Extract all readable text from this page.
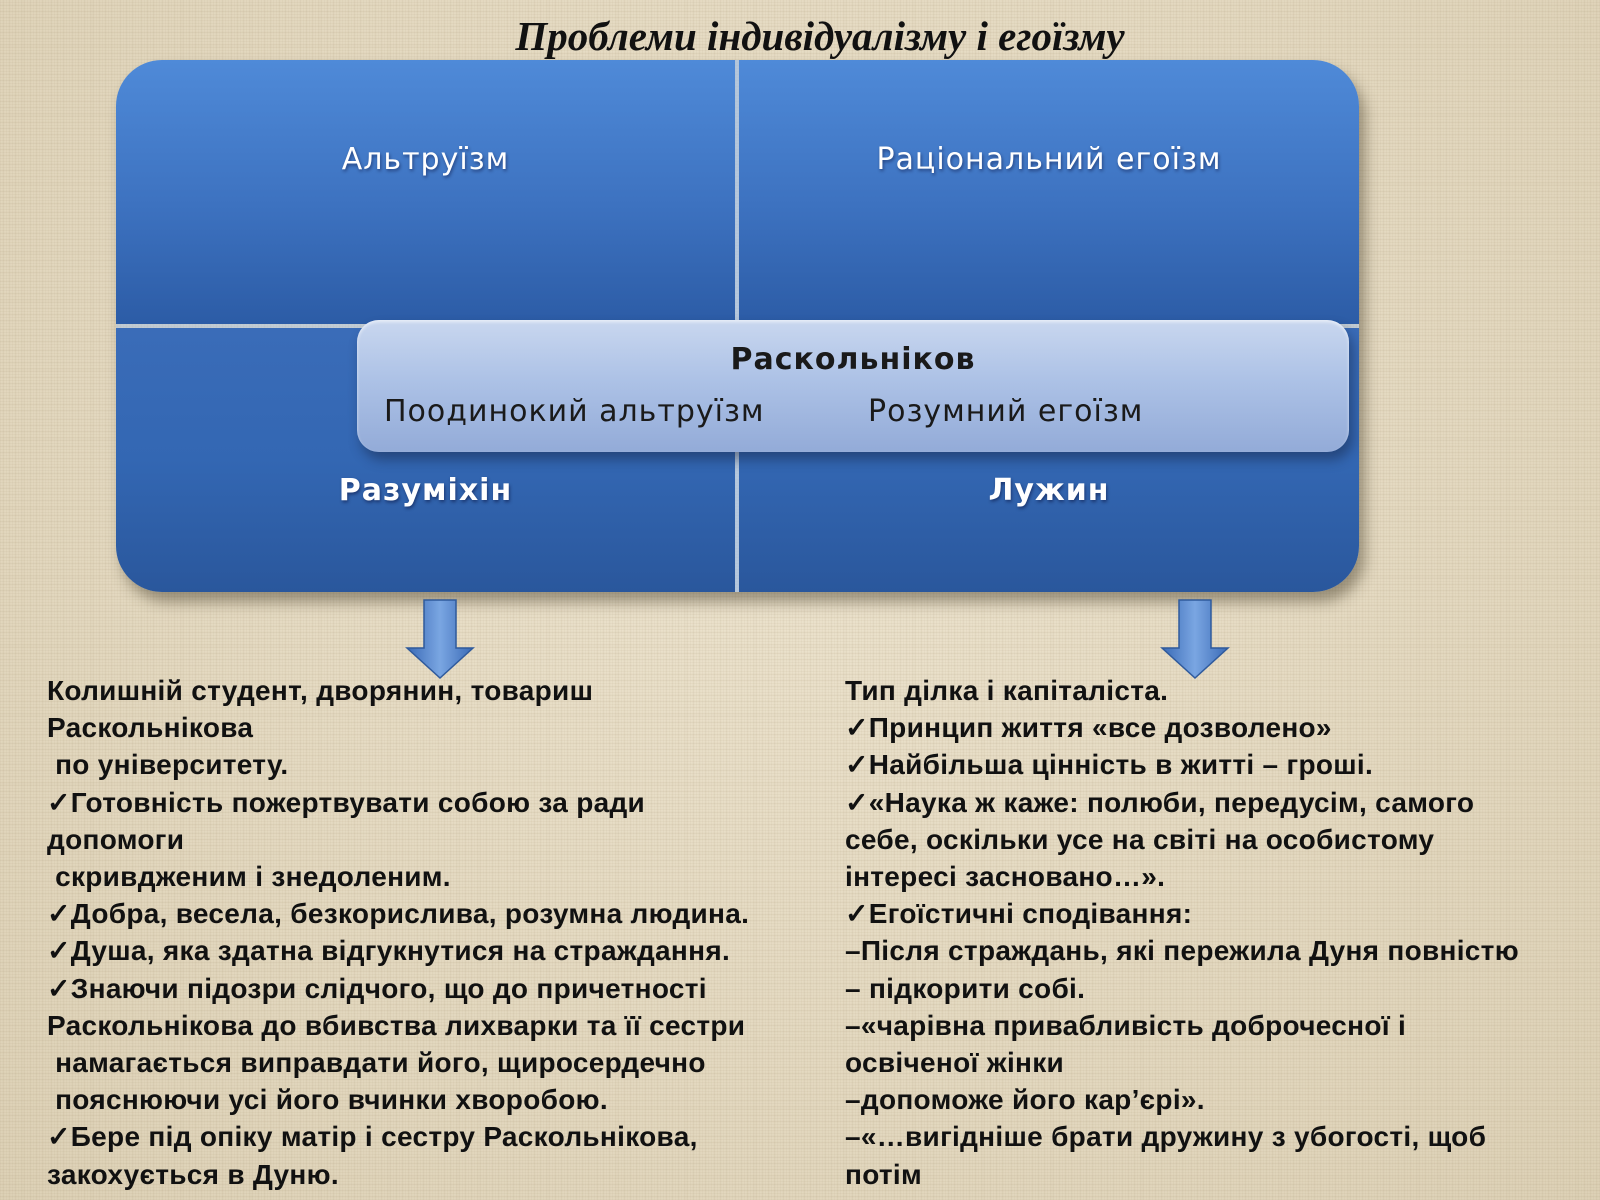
Проблеми індивідуалізму і егоїзму
Альтруїзм	Раціональний егоїзм
Разуміхін	Лужин
Раскольніков
Поодинокий альтруїзм	Розумний егоїзм
Колишній студент, дворянин, товариш
Раскольнікова
по університету.
✓Готовність пожертвувати собою за ради
допомоги
скривдженим і знедоленим.
✓Добра, весела, безкорислива, розумна людина.
✓Душа, яка здатна відгукнутися на страждання.
✓Знаючи підозри слідчого, що до причетності
Раскольнікова до вбивства лихварки та її сестри
намагається виправдати його, щиросердечно
пояснюючи усі його вчинки хворобою.
✓Бере під опіку матір і сестру Раскольнікова,
закохується в Дуню.
Тип ділка і капіталіста.
✓Принцип життя «все дозволено»
✓Найбільша цінність в житті – гроші.
✓«Наука ж каже: полюби, передусім, самого
себе, оскільки усе на світі на особистому
інтересі засновано…».
✓Егоїстичні сподівання:
–Після страждань, які пережила Дуня повністю
– підкорити собі.
–«чарівна привабливість доброчесної і
освіченої жінки
–допоможе його кар’єрі».
–«…вигідніше брати дружину з убогості, щоб
потім
